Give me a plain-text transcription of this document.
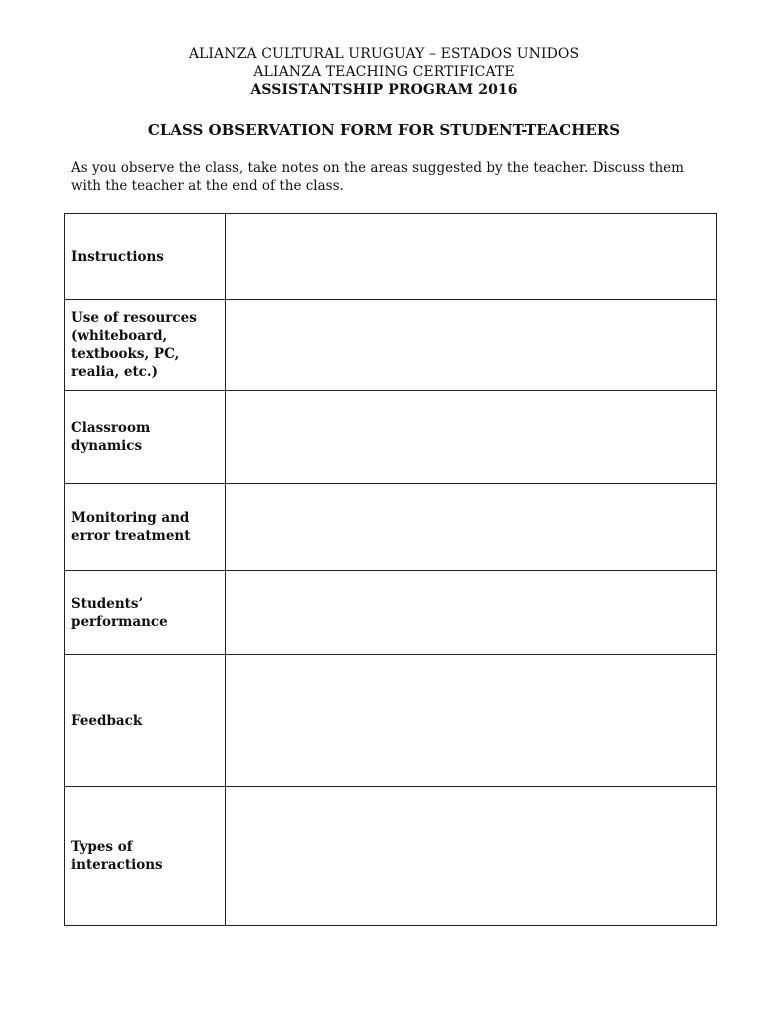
ALIANZA CULTURAL URUGUAY – ESTADOS UNIDOS
ALIANZA TEACHING CERTIFICATE
ASSISTANTSHIP PROGRAM 2016
CLASS OBSERVATION FORM FOR STUDENT-TEACHERS
As you observe the class, take notes on the areas suggested by the teacher. Discuss them with the teacher at the end of the class.
Instructions	

Use of resources
(whiteboard,
textbooks, PC,
realia, etc.)	

Classroom
dynamics	

Monitoring and
error treatment	

Students’
performance	

Feedback	

Types of
interactions	
